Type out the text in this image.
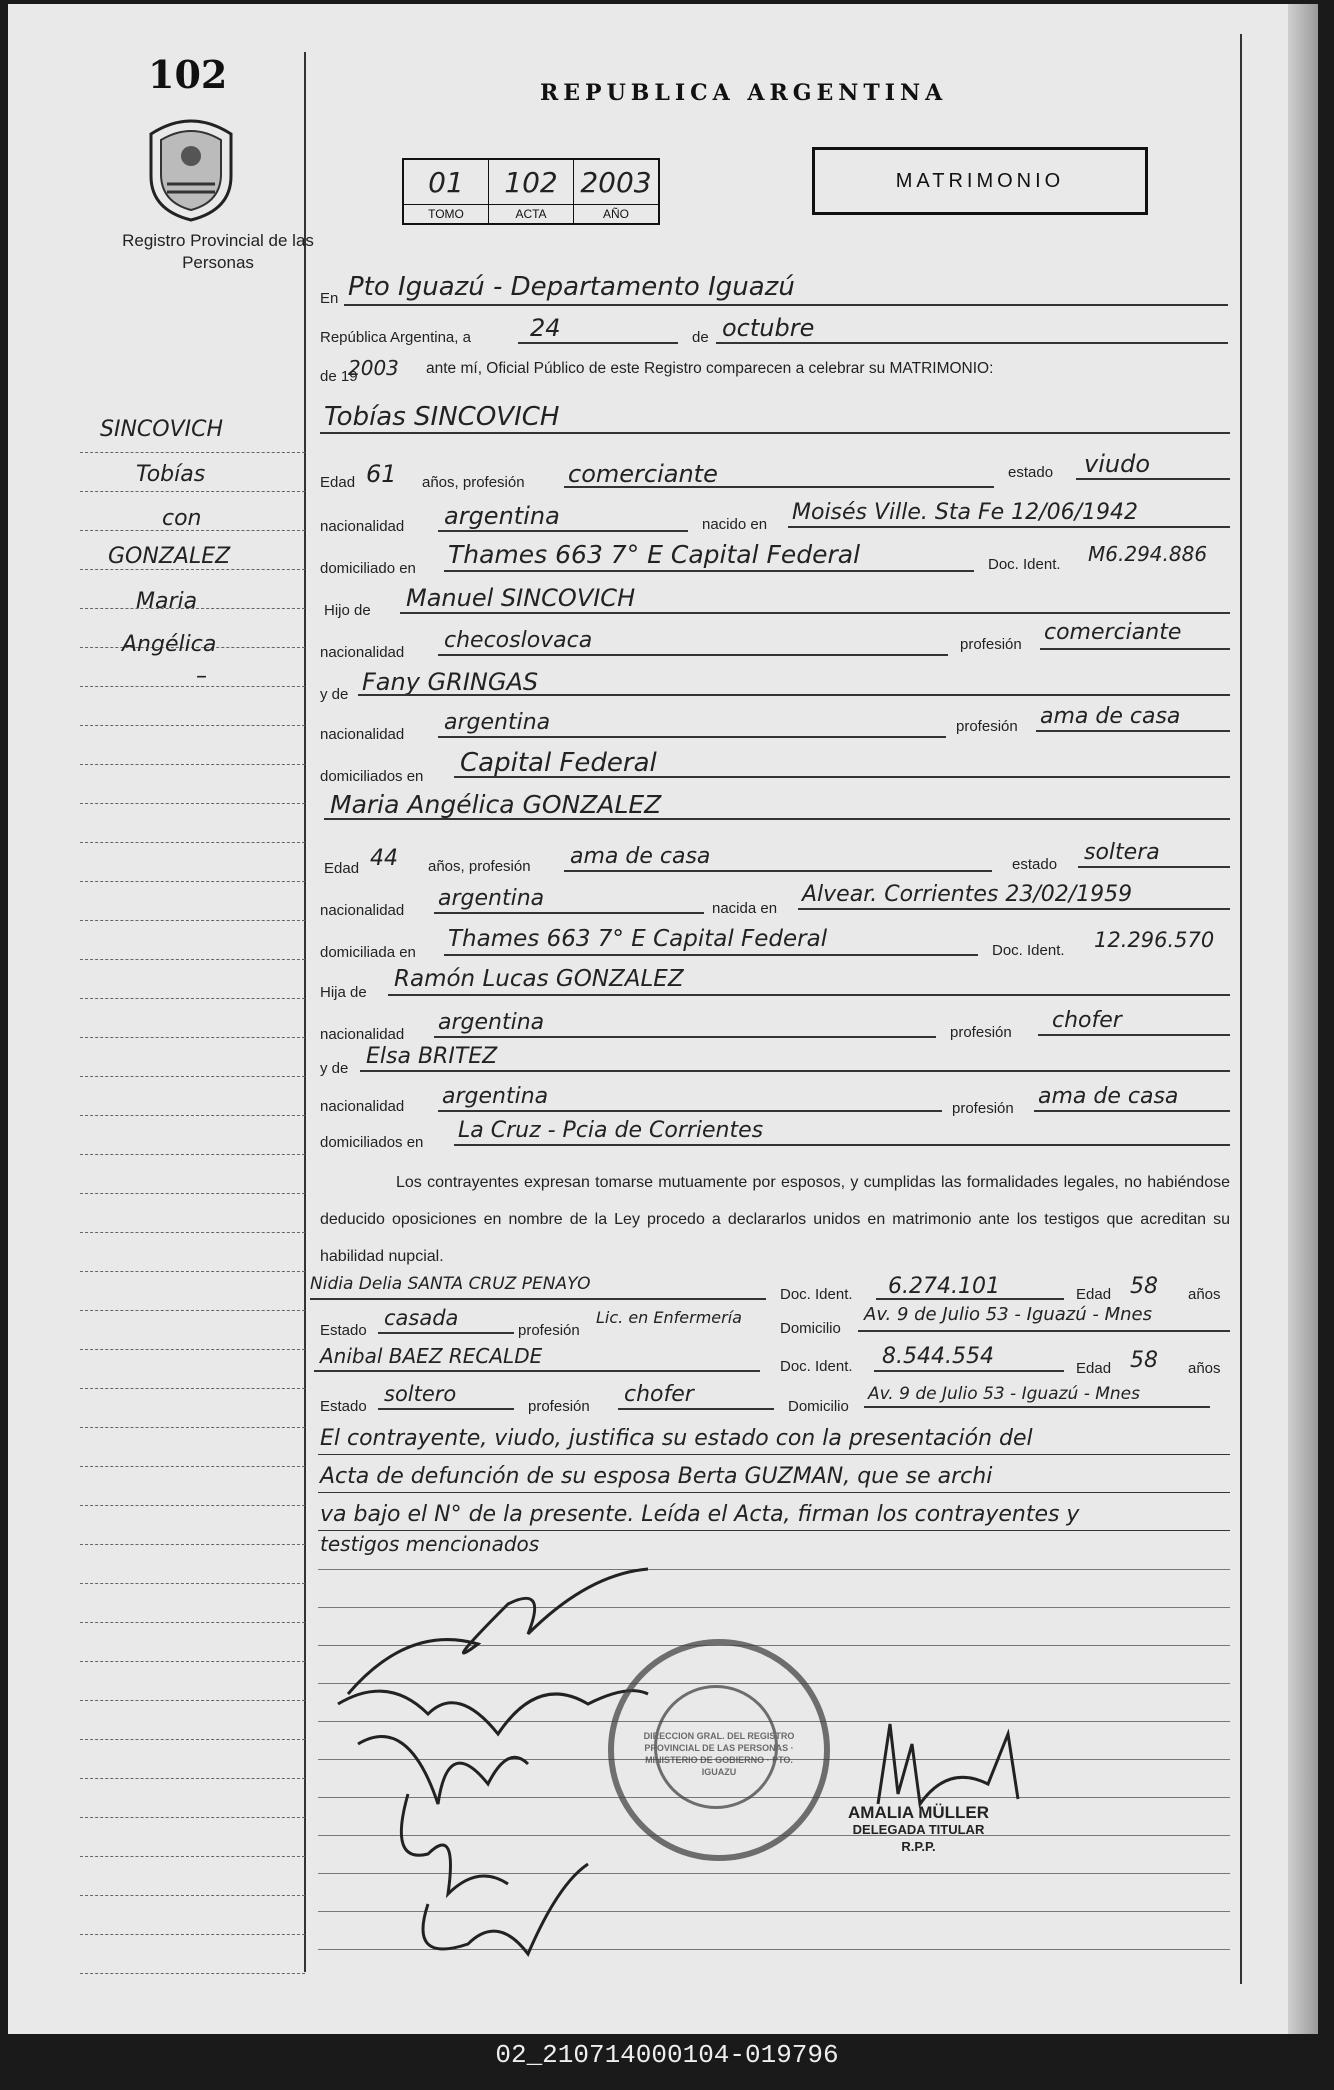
102
Registro Provincial de las Personas
REPUBLICA ARGENTINA
01	102	2003
TOMO	ACTA	AÑO
MATRIMONIO
SINCOVICH
Tobías
con
GONZALEZ
Maria
Angélica
–
En Pto Iguazú - Departamento Iguazú
República Argentina, a 24	de octubre
de 19
2003 ante mí, Oficial Público de este Registro comparecen a celebrar su MATRIMONIO:
Tobías SINCOVICH
Edad 61 años, profesión comerciante	estado viudo
nacionalidad argentina	nacido en Moisés Ville. Sta Fe 12/06/1942
domiciliado en Thames 663 7° E Capital Federal	Doc. Ident. M6.294.886
Hijo de Manuel SINCOVICH
nacionalidad checoslovaca	profesión comerciante
y de Fany GRINGAS
nacionalidad argentina	profesión ama de casa
domiciliados en Capital Federal
Maria Angélica GONZALEZ
Edad 44 años, profesión ama de casa	estado soltera
nacionalidad argentina	nacida en
Alvear. Corrientes 23/02/1959
domiciliada en
Thames 663 7° E Capital Federal	Doc. Ident. 12.296.570
Hija de
Ramón Lucas GONZALEZ
nacionalidad argentina	profesión chofer
y de Elsa BRITEZ
nacionalidad argentina	profesión ama de casa
domiciliados en La Cruz - Pcia de Corrientes
Los contrayentes expresan tomarse mutuamente por esposos, y cumplidas las formalidades legales, no habiéndose deducido oposiciones en nombre de la Ley procedo a declararlos unidos en matrimonio ante los testigos que acreditan su habilidad nupcial.
Nidia Delia SANTA CRUZ PENAYO
Doc. Ident. 6.274.101	Edad 58 años
Estado
casada
profesión
Lic. en Enfermería
Domicilio
Av. 9 de Julio 53 - Iguazú - Mnes
Anibal BAEZ RECALDE	Doc. Ident. 8.544.554	Edad 58 años
Estado
soltero
profesión chofer	Domicilio
Av. 9 de Julio 53 - Iguazú - Mnes
El contrayente, viudo, justifica su estado con la presentación del
Acta de defunción de su esposa Berta GUZMAN, que se archi
va bajo el N° de la presente. Leída el Acta, firman los contrayentes y
testigos mencionados
DIRECCION GRAL. DEL REGISTRO PROVINCIAL DE LAS PERSONAS · MINISTERIO DE GOBIERNO · PTO. IGUAZU
AMALIA MÜLLER
DELEGADA TITULAR
R.P.P.
02_210714000104-019796
